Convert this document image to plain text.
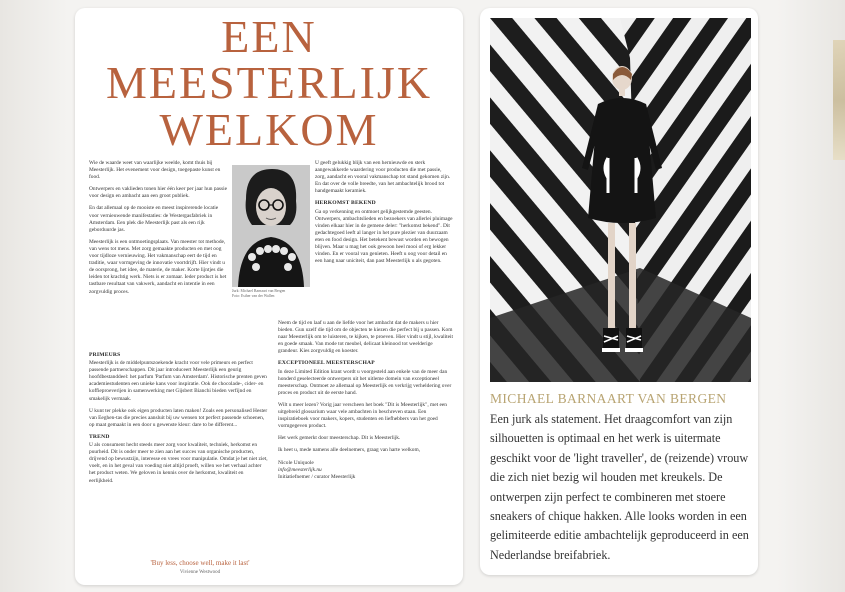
EEN
MEESTERLIJK
WELKOM

Wie de waarde weet van waarlijke weelde, komt thuis bij Meesterlijk. Het evenement voor design, toegepaste kunst en food.

Ontwerpers en vaklieden tonen hier één keer per jaar hun passie voor design en ambacht aan een groot publiek.

En dat allemaal op de mooiste en meest inspirerende locatie voor vernieuwende manifestaties: de Westergasfabriek in Amsterdam. Een plek die Meesterlijk past als een rijk geborduurde jas.

Meesterlijk is een ontmoetingsplaats. Van meester tot methode, van wens tot mens. Met zorg gemaakte producten en met oog voor tijdloze vernieuwing. Het vakmanschap eert de tijd en traditie, waar vormgeving de innovatie voortdrijft. Hier vindt u de oorsprong, het idee, de materie, de maker. Korte lijntjes die leiden tot krachtig werk. Niets is er zomaar. Ieder product is het tastbare resultaat van vakwerk, aandacht en intentie in een zorgvuldig proces.

PRIMEURS

Meesterlijk is de middelpuntszoekende kracht voor vele primeurs en perfect passende partnerschappen. Dit jaar introduceert Meesterlijk een geurig hoofdbestanddeel: het parfum 'Parfum van Amsterdam'. Historische prenten geven academiestudenten een unieke kans voor inspiratie. Ook de chocolade-, cider- en koffieproeverijen in samenwerking met Gijsbert Bianchi bieden verfijnd en smakelijk vermaak.

U kunt ter plekke ook eigen producten laten maken! Zoals een personalised Hester van Eeghen-tas die precies aansluit bij uw wensen tot perfect passende schoenen, op maat gemaakt in een door u gewenste kleur: dare to be different...

TREND

U als consument hecht steeds meer zorg voor kwaliteit, techniek, herkomst en puurheid. Dit is onder meer te zien aan het succes van organische producten, drijvend op bewustzijn, interesse en vrees voor manipulatie. Omdat je het niet ziet, voelt, en in het geval van voeding niet altijd proeft, willen we het verhaal achter het product weten. We geloven in kennis over de herkomst, kwaliteit en eerlijkheid.

Jurk: Michael Barnaart van Bergen
Foto: Esther van der Wallen

U geeft gelukkig blijk van een hernieuwde en sterk aangewakkerde waardering voor producten die met passie, zorg, aandacht en vooral vakmanschap tot stand gekomen zijn. En dat over de volle breedte, van het ambachtelijk brood tot handgemaakt keramiek.

HERKOMST BEKEND

Ga op verkenning en ontmoet gelijkgestemde geesten. Ontwerpers, ambachtslieden en bezoekers van allerlei pluimage vinden elkaar hier in de gemene deler: "herkomst bekend". Dit gedachtegoed leeft al langer in het pure plezier van duurzaam eten en food design. Het betekent bewust worden en bewogen blijven. Maar u mag het ook gewoon heel mooi of erg lekker vinden. En er vooral van genieten. Heeft u oog voor detail en een hang naar uniciteit, dan past Meesterlijk u als gegoten.

Neem de tijd en laaf u aan de liefde voor het ambacht dat de makers u hier bieden. Gun uzelf die tijd om de objecten te kiezen die perfect bij u passen. Kom naar Meesterlijk om te luisteren, te kijken, te proeven. Hier vindt u stijl, kwaliteit en goede smaak. Van mode tot meubel, delicaat kleinood tot weelderige grandeur. Kies zorgvuldig en koester.

EXCEPTIONEEL MEESTERSCHAP

In deze Limited Edition krant wordt u voorgesteld aan enkele van de meer dan honderd geselecteerde ontwerpers uit het uitleme domein van exceptioneel meesterschap. Ontmoet ze allemaal op Meesterlijk en verkrijg verheldering over proces en product uit de eerste hand.

Wilt u meer lezen? Vorig jaar verscheen het boek "Dit is Meesterlijk", met een uitgebreid glossarium waar vele ambachten in beschreven staan. Een inspiratieboek voor makers, kopers, studenten en liefhebbers van het goed vormgegeven product.

Het werk gemerkt door meesterschap. Dit is Meesterlijk.

Ik heet u, mede namens alle deelnemers, graag van harte welkom,

Nicole Uniquole
info@meesterlijk.nu
Initiatiefnemer / curator Meesterlijk
'Buy less, choose well, make it last'
Vivienne Westwood
MICHAEL BARNAART VAN BERGEN
Een jurk als statement. Het draagcomfort van zijn silhouetten is optimaal en het werk is uitermate geschikt voor de 'light traveller', de (reizende) vrouw die zich niet bezig wil houden met kreukels. De ontwerpen zijn perfect te combineren met stoere sneakers of chique hakken. Alle looks worden in een gelimiteerde editie ambachtelijk geproduceerd in een Nederlandse breifabriek.
